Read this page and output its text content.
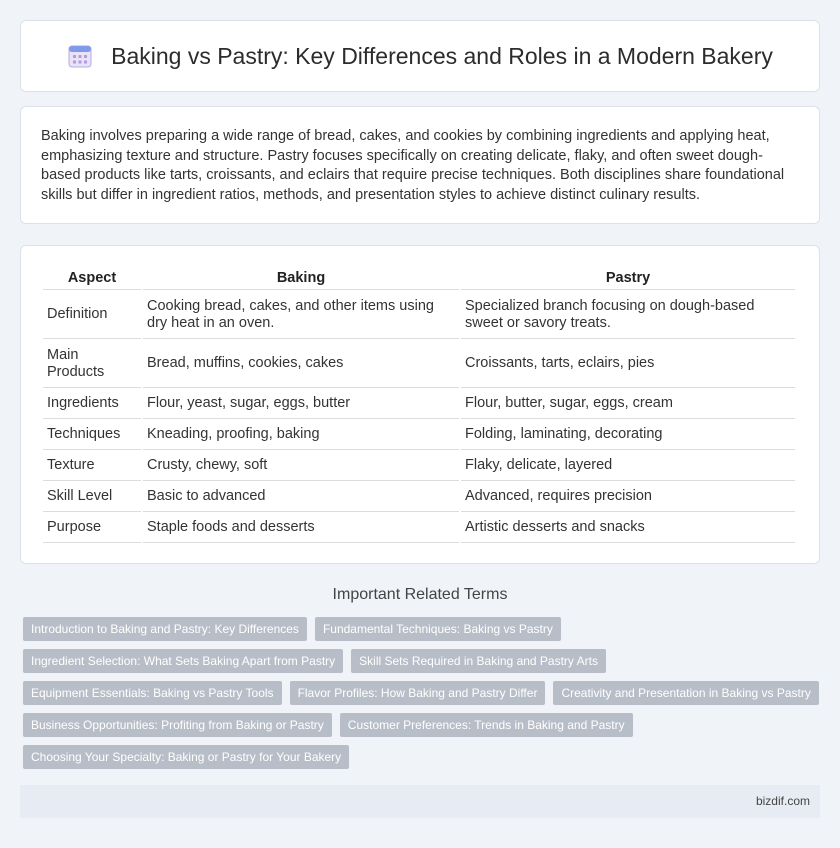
Baking vs Pastry: Key Differences and Roles in a Modern Bakery

Baking involves preparing a wide range of bread, cakes, and cookies by combining ingredients and applying heat, emphasizing texture and structure. Pastry focuses specifically on creating delicate, flaky, and often sweet dough-based products like tarts, croissants, and eclairs that require precise techniques. Both disciplines share foundational skills but differ in ingredient ratios, methods, and presentation styles to achieve distinct culinary results.

Aspect	Baking	Pastry
Definition	Cooking bread, cakes, and other items using dry heat in an oven.	Specialized branch focusing on dough-based sweet or savory treats.
Main Products	Bread, muffins, cookies, cakes	Croissants, tarts, eclairs, pies
Ingredients	Flour, yeast, sugar, eggs, butter	Flour, butter, sugar, eggs, cream
Techniques	Kneading, proofing, baking	Folding, laminating, decorating
Texture	Crusty, chewy, soft	Flaky, delicate, layered
Skill Level	Basic to advanced	Advanced, requires precision
Purpose	Staple foods and desserts	Artistic desserts and snacks
Important Related Terms
Introduction to Baking and Pastry: Key Differences	Fundamental Techniques: Baking vs Pastry
Ingredient Selection: What Sets Baking Apart from Pastry	Skill Sets Required in Baking and Pastry Arts
Equipment Essentials: Baking vs Pastry Tools	Flavor Profiles: How Baking and Pastry Differ	Creativity and Presentation in Baking vs Pastry
Business Opportunities: Profiting from Baking or Pastry	Customer Preferences: Trends in Baking and Pastry
Choosing Your Specialty: Baking or Pastry for Your Bakery
bizdif.com
